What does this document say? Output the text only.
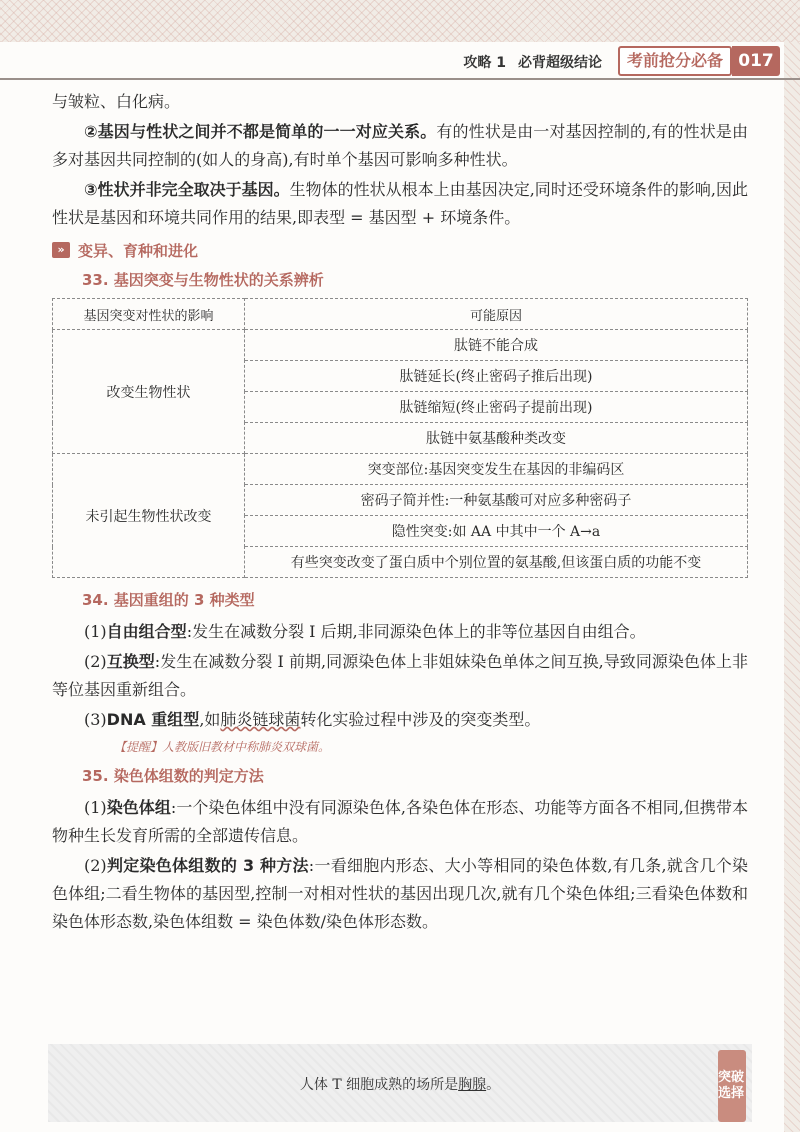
攻略 1 必背超级结论	考前抢分必备 017

与皱粒、白化病。

②基因与性状之间并不都是简单的一一对应关系。有的性状是由一对基因控制的,有的性状是由多对基因共同控制的(如人的身高),有时单个基因可影响多种性状。

③性状并非完全取决于基因。生物体的性状从根本上由基因决定,同时还受环境条件的影响,因此性状是基因和环境共同作用的结果,即表型 = 基因型 + 环境条件。

» 变异、育种和进化
33. 基因突变与生物性状的关系辨析
基因突变对性状的影响	可能原因
改变生物性状	肽链不能合成
	肽链延长(终止密码子推后出现)
	肽链缩短(终止密码子提前出现)
	肽链中氨基酸种类改变
未引起生物性状改变	突变部位:基因突变发生在基因的非编码区
	密码子简并性:一种氨基酸可对应多种密码子
	隐性突变:如 AA 中其中一个 A→a
	有些突变改变了蛋白质中个别位置的氨基酸,但该蛋白质的功能不变
34. 基因重组的 3 种类型

(1)自由组合型:发生在减数分裂 Ⅰ 后期,非同源染色体上的非等位基因自由组合。

(2)互换型:发生在减数分裂 Ⅰ 前期,同源染色体上非姐妹染色单体之间互换,导致同源染色体上非等位基因重新组合。

(3)DNA 重组型,如肺炎链球菌转化实验过程中涉及的突变类型。

【提醒】人教版旧教材中称肺炎双球菌。
35. 染色体组数的判定方法

(1)染色体组:一个染色体组中没有同源染色体,各染色体在形态、功能等方面各不相同,但携带本物种生长发育所需的全部遗传信息。

(2)判定染色体组数的 3 种方法:一看细胞内形态、大小等相同的染色体数,有几条,就含几个染色体组;二看生物体的基因型,控制一对相对性状的基因出现几次,就有几个染色体组;三看染色体数和染色体形态数,染色体组数 = 染色体数/染色体形态数。

人体 T 细胞成熟的场所是胸腺。	突破选择
